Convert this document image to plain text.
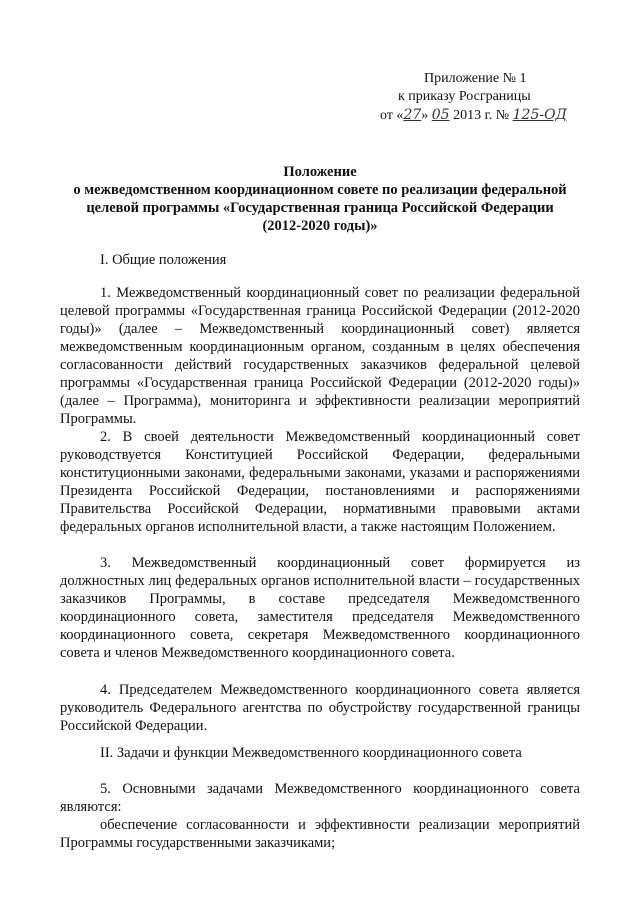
Приложение № 1
к приказу Росграницы
от «27» 05 2013 г. № 125-ОД
Положение
о межведомственном координационном совете по реализации федеральной
целевой программы «Государственная граница Российской Федерации
(2012-2020 годы)»
I. Общие положения

1. Межведомственный координационный совет по реализации федеральной целевой программы «Государственная граница Российской Федерации (2012-2020 годы)» (далее – Межведомственный координационный совет) является межведомственным координационным органом, созданным в целях обеспечения согласованности действий государственных заказчиков федеральной целевой программы «Государственная граница Российской Федерации (2012-2020 годы)» (далее – Программа), мониторинга и эффективности реализации мероприятий Программы.

2. В своей деятельности Межведомственный координационный совет руководствуется Конституцией Российской Федерации, федеральными конституционными законами, федеральными законами, указами и распоряжениями Президента Российской Федерации, постановлениями и распоряжениями Правительства Российской Федерации, нормативными правовыми актами федеральных органов исполнительной власти, а также настоящим Положением.

3. Межведомственный координационный совет формируется из должностных лиц федеральных органов исполнительной власти – государственных заказчиков Программы, в составе председателя Межведомственного координационного совета, заместителя председателя Межведомственного координационного совета, секретаря Межведомственного координационного совета и членов Межведомственного координационного совета.

4. Председателем Межведомственного координационного совета является руководитель Федерального агентства по обустройству государственной границы Российской Федерации.

II. Задачи и функции Межведомственного координационного совета

5. Основными задачами Межведомственного координационного совета являются:

обеспечение согласованности и эффективности реализации мероприятий Программы государственными заказчиками;
